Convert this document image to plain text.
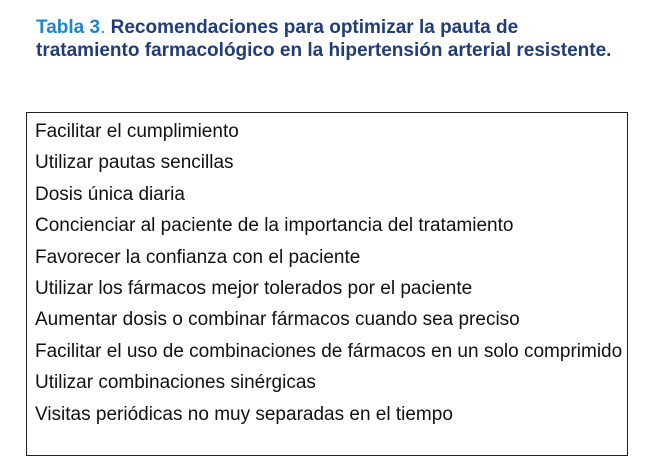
Tabla 3. Recomendaciones para optimizar la pauta de tratamiento farmacológico en la hipertensión arterial resistente.
Facilitar el cumplimiento
Utilizar pautas sencillas
Dosis única diaria
Concienciar al paciente de la importancia del tratamiento
Favorecer la confianza con el paciente
Utilizar los fármacos mejor tolerados por el paciente
Aumentar dosis o combinar fármacos cuando sea preciso
Facilitar el uso de combinaciones de fármacos en un solo comprimido
Utilizar combinaciones sinérgicas
Visitas periódicas no muy separadas en el tiempo
